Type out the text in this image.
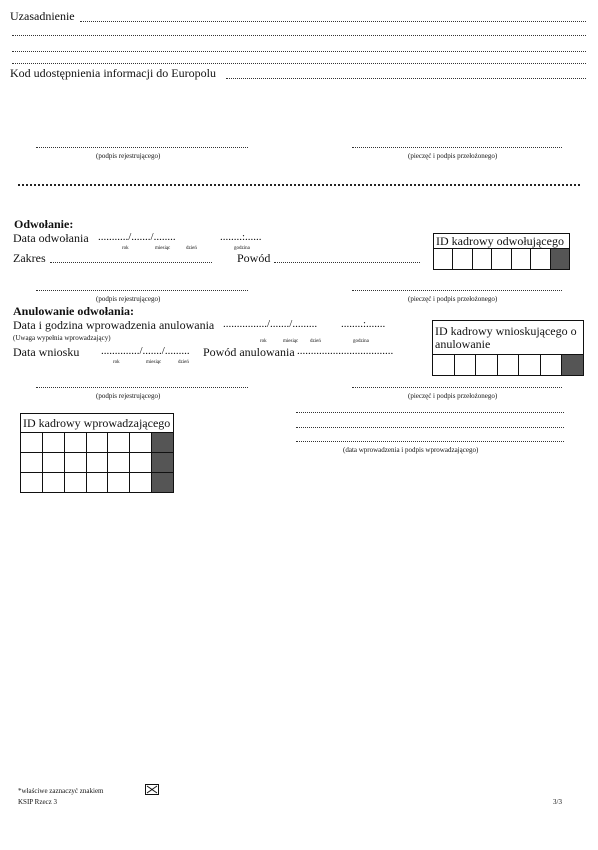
Uzasadnienie
Kod udostępnienia informacji do Europolu
(podpis rejestrującego)	(pieczęć i podpis przełożonego)
Odwołanie:
Data odwołania .........../......./........	........:......
rok	miesiąc	dzień	godzina
Zakres	Powód
ID kadrowy odwołującego
(podpis rejestrującego)	(pieczęć i podpis przełożonego)
Anulowanie odwołania:
Data i godzina wprowadzenia anulowania ................/......./......... ........:.......
(Uwaga wypełnia wprowadzający)	rok	miesiąc dzień	godzina
Data wniosku ............../......./......... Powód anulowania ...................................
rok	miesiąc	dzień
ID kadrowy wnioskującego o anulowanie
(podpis rejestrującego)	(pieczęć i podpis przełożonego)
ID kadrowy wprowadzającego
(data wprowadzenia i podpis wprowadzającego)
*właściwe zaznaczyć znakiem
KSIP Rzecz 3	3/3
